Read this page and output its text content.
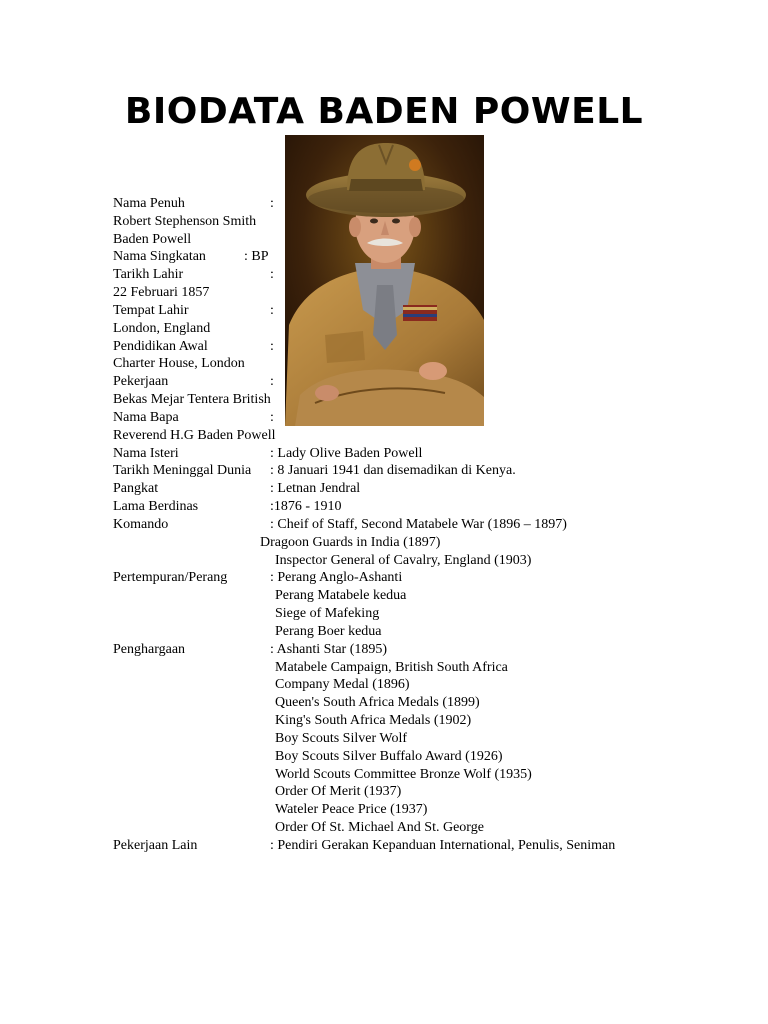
BIODATA BADEN POWELL

Nama Penuh	:

Robert Stephenson Smith

Baden Powell

Nama Singkatan	: BP

Tarikh Lahir	:

22 Februari 1857

Tempat Lahir	:

London, England

Pendidikan Awal	:

Charter House, London

Pekerjaan	:

Bekas Mejar Tentera British

Nama Bapa	:

Reverend H.G Baden Powell

Nama Isteri	: Lady Olive Baden Powell

Tarikh Meninggal Dunia : 8 Januari 1941 dan disemadikan di Kenya.

Pangkat	: Letnan Jendral

Lama Berdinas	:1876 - 1910

Komando	: Cheif of Staff, Second Matabele War (1896 – 1897)

Dragoon Guards in India (1897)

Inspector General of Cavalry, England (1903)

Pertempuran/Perang	: Perang Anglo-Ashanti

Perang Matabele kedua

Siege of Mafeking

Perang Boer kedua

Penghargaan	: Ashanti Star (1895)

Matabele Campaign, British South Africa

Company Medal (1896)

Queen's South Africa Medals (1899)

King's South Africa Medals (1902)

Boy Scouts Silver Wolf

Boy Scouts Silver Buffalo Award (1926)

World Scouts Committee Bronze Wolf (1935)

Order Of Merit (1937)

Wateler Peace Price (1937)

Order Of St. Michael And St. George

Pekerjaan Lain	: Pendiri Gerakan Kepanduan International, Penulis, Seniman
